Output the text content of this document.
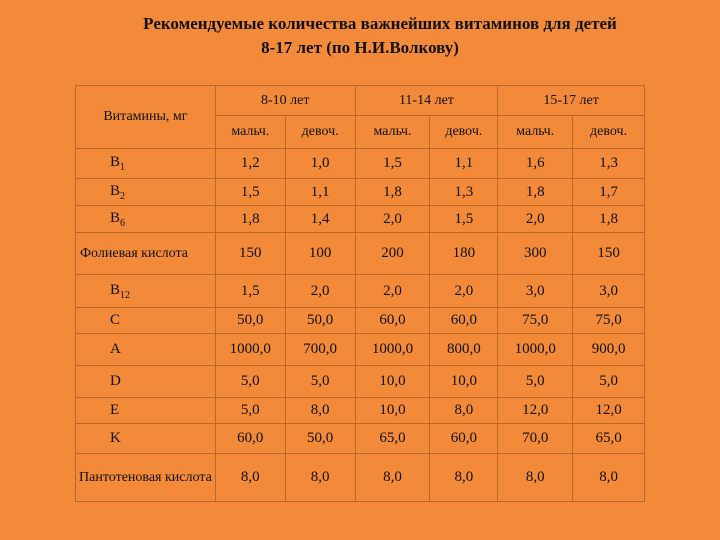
Рекомендуемые количества важнейших витаминов для детей
8-17 лет (по Н.И.Волкову)
Витамины, мг	8-10 лет		11-14 лет		15-17 лет	
	мальч.	девоч.	мальч.	девоч.	мальч.	девоч.
$B_1$	1,2	1,0	1,5	1,1	1,6	1,3
$B_2$	1,5	1,1	1,8	1,3	1,8	1,7
$B_6$	1,8	1,4	2,0	1,5	2,0	1,8
Фолиевая кислота	150	100	200	180	300	150
$B_{12}$	1,5	2,0	2,0	2,0	3,0	3,0
C	50,0	50,0	60,0	60,0	75,0	75,0
A	1000,0	700,0	1000,0	800,0	1000,0	900,0
D	5,0	5,0	10,0	10,0	5,0	5,0
E	5,0	8,0	10,0	8,0	12,0	12,0
K	60,0	50,0	65,0	60,0	70,0	65,0
Пантотеновая кислота	8,0	8,0	8,0	8,0	8,0	8,0
